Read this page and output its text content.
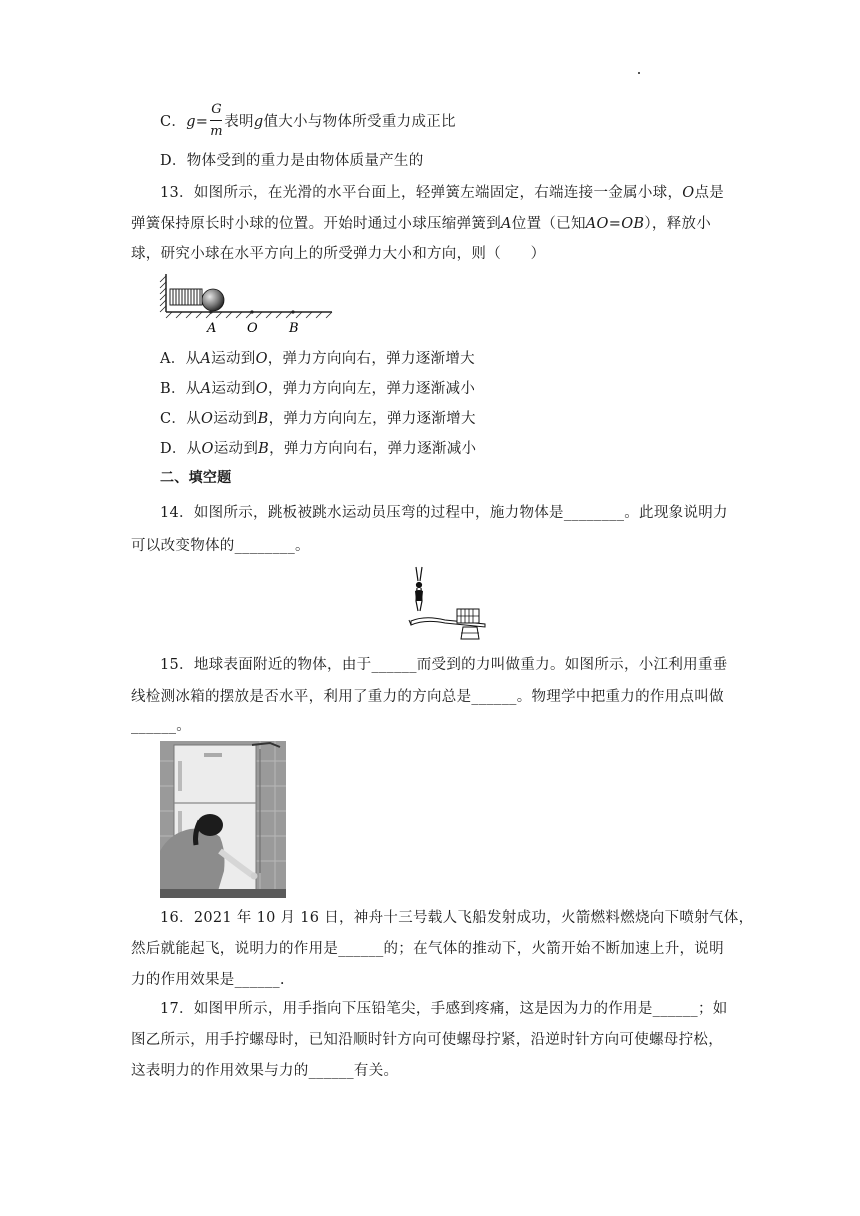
C．$g= \frac{G}{m}$ 表明g值大小与物体所受重力成正比
D．物体受到的重力是由物体质量产生的
13．如图所示，在光滑的水平台面上，轻弹簧左端固定，右端连接一金属小球，O点是
弹簧保持原长时小球的位置。开始时通过小球压缩弹簧到A位置（已知AO=OB），释放小
球，研究小球在水平方向上的所受弹力大小和方向，则（　　）
A O B
A．从A运动到O，弹力方向向右，弹力逐渐增大
B．从A运动到O，弹力方向向左，弹力逐渐减小
C．从O运动到B，弹力方向向左，弹力逐渐增大
D．从O运动到B，弹力方向向右，弹力逐渐减小
二、填空题
14．如图所示，跳板被跳水运动员压弯的过程中，施力物体是________。此现象说明力
可以改变物体的________。
15．地球表面附近的物体，由于______而受到的力叫做重力。如图所示，小江利用重垂
线检测冰箱的摆放是否水平，利用了重力的方向总是______。物理学中把重力的作用点叫做
______。
16．2021 年 10 月 16 日，神舟十三号载人飞船发射成功，火箭燃料燃烧向下喷射气体，
然后就能起飞，说明力的作用是______的；在气体的推动下，火箭开始不断加速上升，说明
力的作用效果是______.
17．如图甲所示，用手指向下压铅笔尖，手感到疼痛，这是因为力的作用是______；如
图乙所示，用手拧螺母时，已知沿顺时针方向可使螺母拧紧，沿逆时针方向可使螺母拧松，
这表明力的作用效果与力的______有关。
